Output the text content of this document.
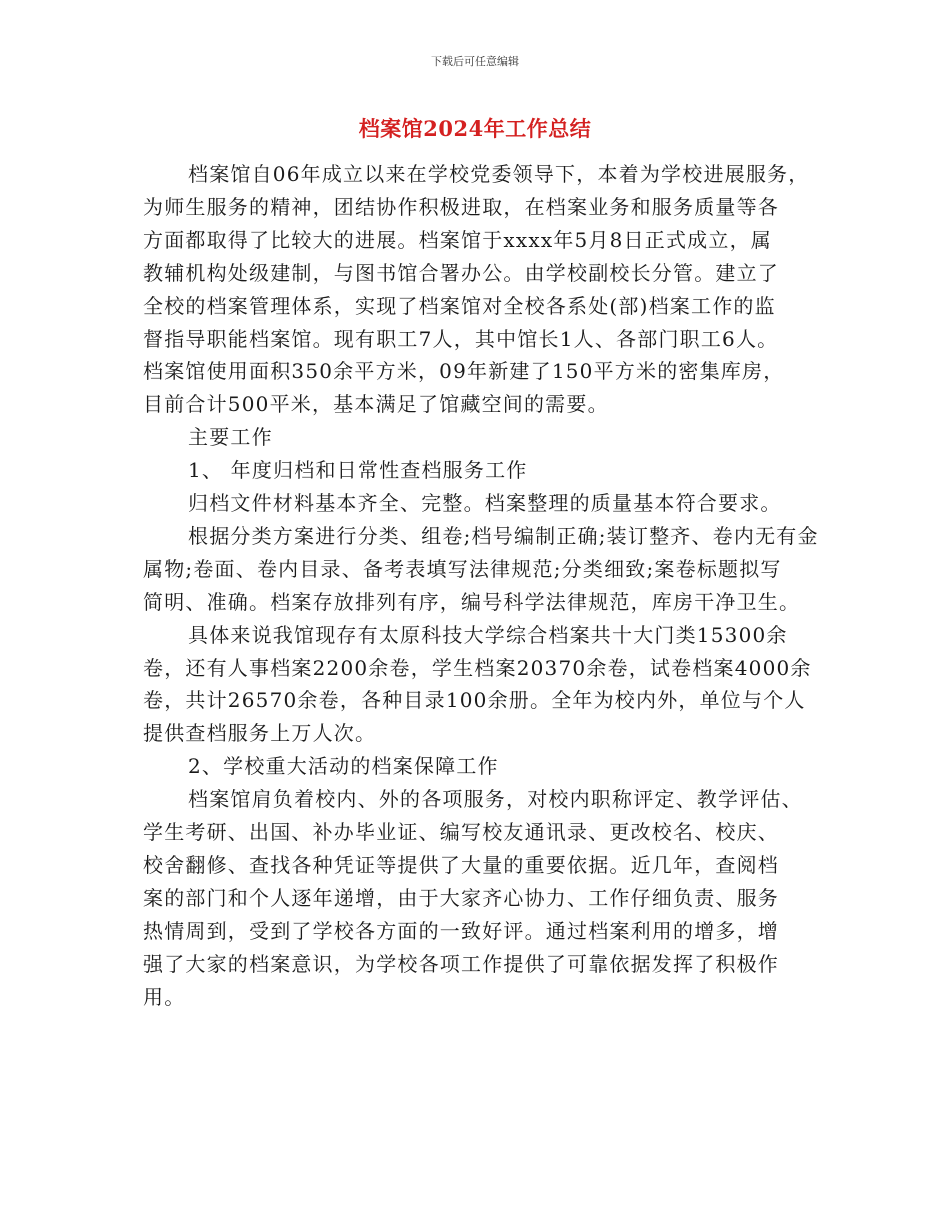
下载后可任意编辑
档案馆2024年工作总结
档案馆自06年成立以来在学校党委领导下，本着为学校进展服务，
为师生服务的精神，团结协作积极进取，在档案业务和服务质量等各
方面都取得了比较大的进展。档案馆于xxxx年5月8日正式成立，属
教辅机构处级建制，与图书馆合署办公。由学校副校长分管。建立了
全校的档案管理体系，实现了档案馆对全校各系处(部)档案工作的监
督指导职能档案馆。现有职工7人，其中馆长1人、各部门职工6人。
档案馆使用面积350余平方米，09年新建了150平方米的密集库房，
目前合计500平米，基本满足了馆藏空间的需要。
主要工作
1、 年度归档和日常性查档服务工作
归档文件材料基本齐全、完整。档案整理的质量基本符合要求。
根据分类方案进行分类、组卷;档号编制正确;装订整齐、卷内无有金
属物;卷面、卷内目录、备考表填写法律规范;分类细致;案卷标题拟写
简明、准确。档案存放排列有序，编号科学法律规范，库房干净卫生。
具体来说我馆现存有太原科技大学综合档案共十大门类15300余
卷，还有人事档案2200余卷，学生档案20370余卷，试卷档案4000余
卷，共计26570余卷，各种目录100余册。全年为校内外，单位与个人
提供查档服务上万人次。
2、学校重大活动的档案保障工作
档案馆肩负着校内、外的各项服务，对校内职称评定、教学评估、
学生考研、出国、补办毕业证、编写校友通讯录、更改校名、校庆、
校舍翻修、查找各种凭证等提供了大量的重要依据。近几年，查阅档
案的部门和个人逐年递增，由于大家齐心协力、工作仔细负责、服务
热情周到，受到了学校各方面的一致好评。通过档案利用的增多，增
强了大家的档案意识，为学校各项工作提供了可靠依据发挥了积极作
用。
